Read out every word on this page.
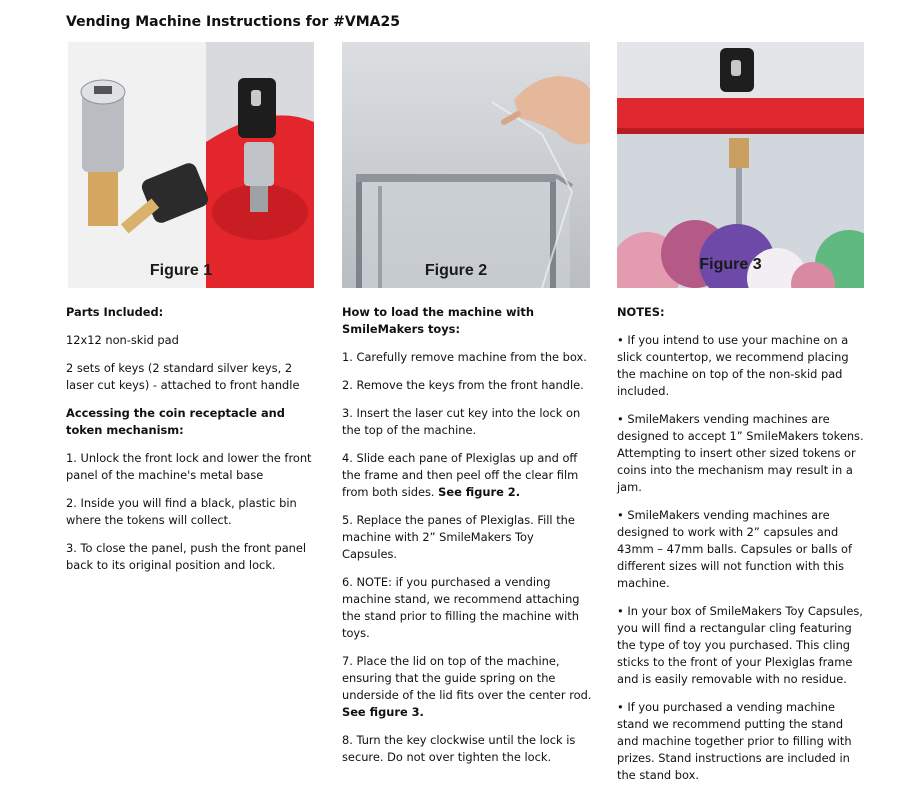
Vending Machine Instructions for #VMA25
Figure 1	Figure 2	Figure 3

Parts Included:

12x12 non-skid pad

2 sets of keys (2 standard silver keys, 2 laser cut keys) - attached to front handle

Accessing the coin receptacle and token mechanism:

1. Unlock the front lock and lower the front panel of the machine's metal base

2. Inside you will find a black, plastic bin where the tokens will collect.

3. To close the panel, push the front panel back to its original position and lock.

How to load the machine with SmileMakers toys:

1. Carefully remove machine from the box.

2. Remove the keys from the front handle.

3. Insert the laser cut key into the lock on the top of the machine.

4. Slide each pane of Plexiglas up and off the frame and then peel off the clear film from both sides. See figure 2.

5. Replace the panes of Plexiglas. Fill the machine with 2” SmileMakers Toy Capsules.

6. NOTE: if you purchased a vending machine stand, we recommend attaching the stand prior to filling the machine with toys.

7. Place the lid on top of the machine, ensuring that the guide spring on the underside of the lid fits over the center rod. See figure 3.

8. Turn the key clockwise until the lock is secure. Do not over tighten the lock.

NOTES:

• If you intend to use your machine on a slick countertop, we recommend placing the machine on top of the non-skid pad included.

• SmileMakers vending machines are designed to accept 1” SmileMakers tokens. Attempting to insert other sized tokens or coins into the mechanism may result in a jam.

• SmileMakers vending machines are designed to work with 2” capsules and 43mm – 47mm balls. Capsules or balls of different sizes will not function with this machine.

• In your box of SmileMakers Toy Capsules, you will find a rectangular cling featuring the type of toy you purchased. This cling sticks to the front of your Plexiglas frame and is easily removable with no residue.

• If you purchased a vending machine stand we recommend putting the stand and machine together prior to filling with prizes. Stand instructions are included in the stand box.
